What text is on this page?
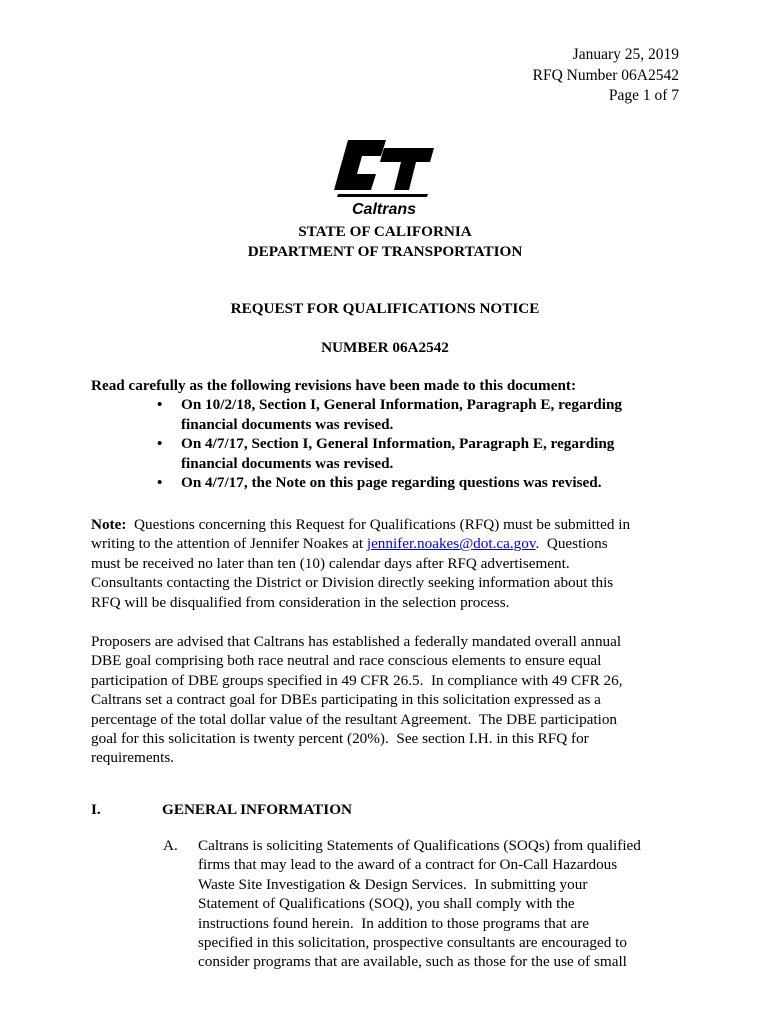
January 25, 2019
RFQ Number 06A2542
Page 1 of 7
Caltrans
STATE OF CALIFORNIA
DEPARTMENT OF TRANSPORTATION
REQUEST FOR QUALIFICATIONS NOTICE
NUMBER 06A2542
Read carefully as the following revisions have been made to this document:
• On 10/2/18, Section I, General Information, Paragraph E, regarding
financial documents was revised.
• On 4/7/17, Section I, General Information, Paragraph E, regarding
financial documents was revised.
• On 4/7/17, the Note on this page regarding questions was revised.
Note:  Questions concerning this Request for Qualifications (RFQ) must be submitted in
writing to the attention of Jennifer Noakes at jennifer.noakes@dot.ca.gov.  Questions
must be received no later than ten (10) calendar days after RFQ advertisement.
Consultants contacting the District or Division directly seeking information about this
RFQ will be disqualified from consideration in the selection process.
Proposers are advised that Caltrans has established a federally mandated overall annual
DBE goal comprising both race neutral and race conscious elements to ensure equal
participation of DBE groups specified in 49 CFR 26.5.  In compliance with 49 CFR 26,
Caltrans set a contract goal for DBEs participating in this solicitation expressed as a
percentage of the total dollar value of the resultant Agreement.  The DBE participation
goal for this solicitation is twenty percent (20%).  See section I.H. in this RFQ for
requirements.
I.	GENERAL INFORMATION
A. Caltrans is soliciting Statements of Qualifications (SOQs) from qualified
firms that may lead to the award of a contract for On-Call Hazardous
Waste Site Investigation & Design Services.  In submitting your
Statement of Qualifications (SOQ), you shall comply with the
instructions found herein.  In addition to those programs that are
specified in this solicitation, prospective consultants are encouraged to
consider programs that are available, such as those for the use of small
